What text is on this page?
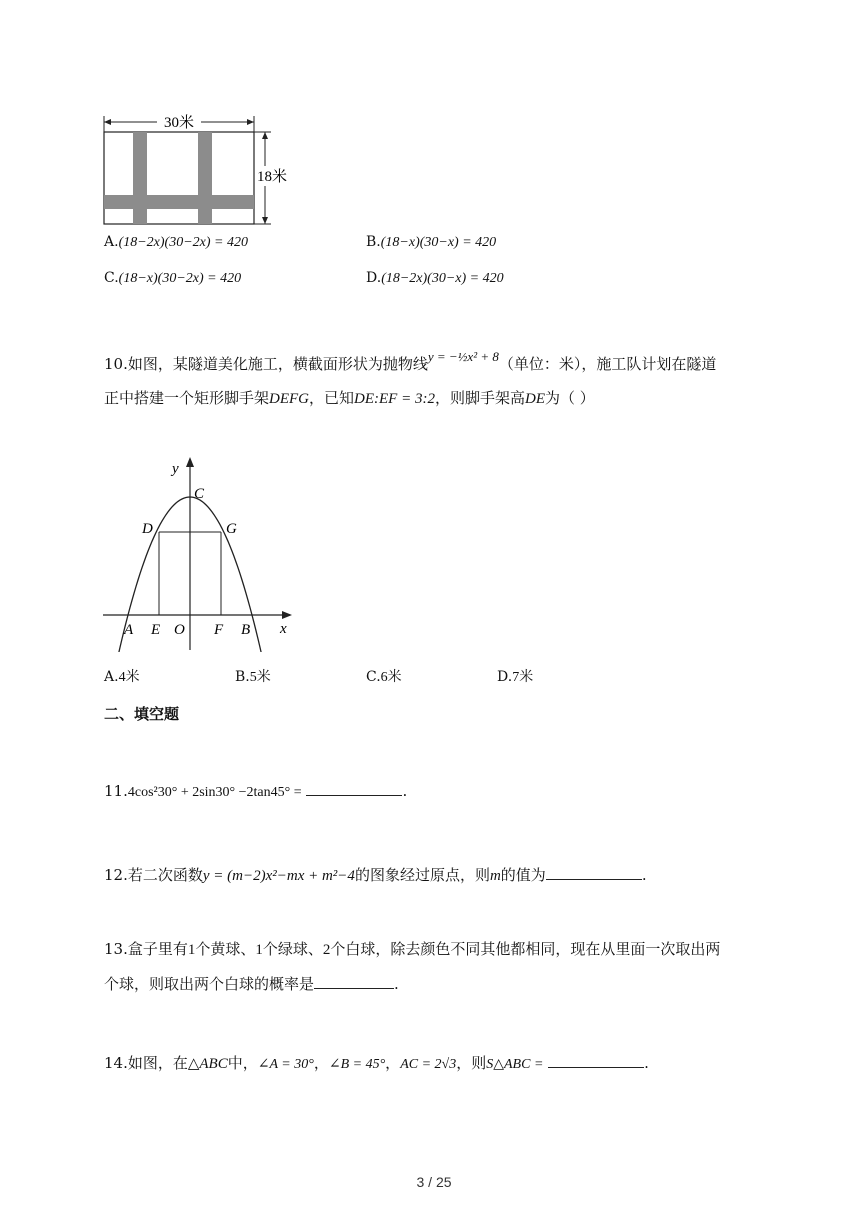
30米
18米
A.(18−2x)(30−2x) = 420	B.(18−x)(30−x) = 420
C.(18−x)(30−2x) = 420	D.(18−2x)(30−x) = 420
10.如图，某隧道美化施工，横截面形状为抛物线y = −½x² + 8（单位：米），施工队计划在隧道
正中搭建一个矩形脚手架DEFG，已知DE:EF = 3:2，则脚手架高DE为（ ）
y
x
C
D	G
A E O F B
A.4米	B.5米	C.6米	D.7米
二、填空题
11.4cos²30° + 2sin30° −2tan45° =	.
12.若二次函数y = (m−2)x²−mx + m²−4的图象经过原点，则m的值为	.
13.盒子里有1个黄球、1个绿球、2个白球，除去颜色不同其他都相同，现在从里面一次取出两
个球，则取出两个白球的概率是	.
14.如图，在△ABC中，∠A = 30°，∠B = 45°，AC = 2√3，则S△ABC =	.
3 / 25
